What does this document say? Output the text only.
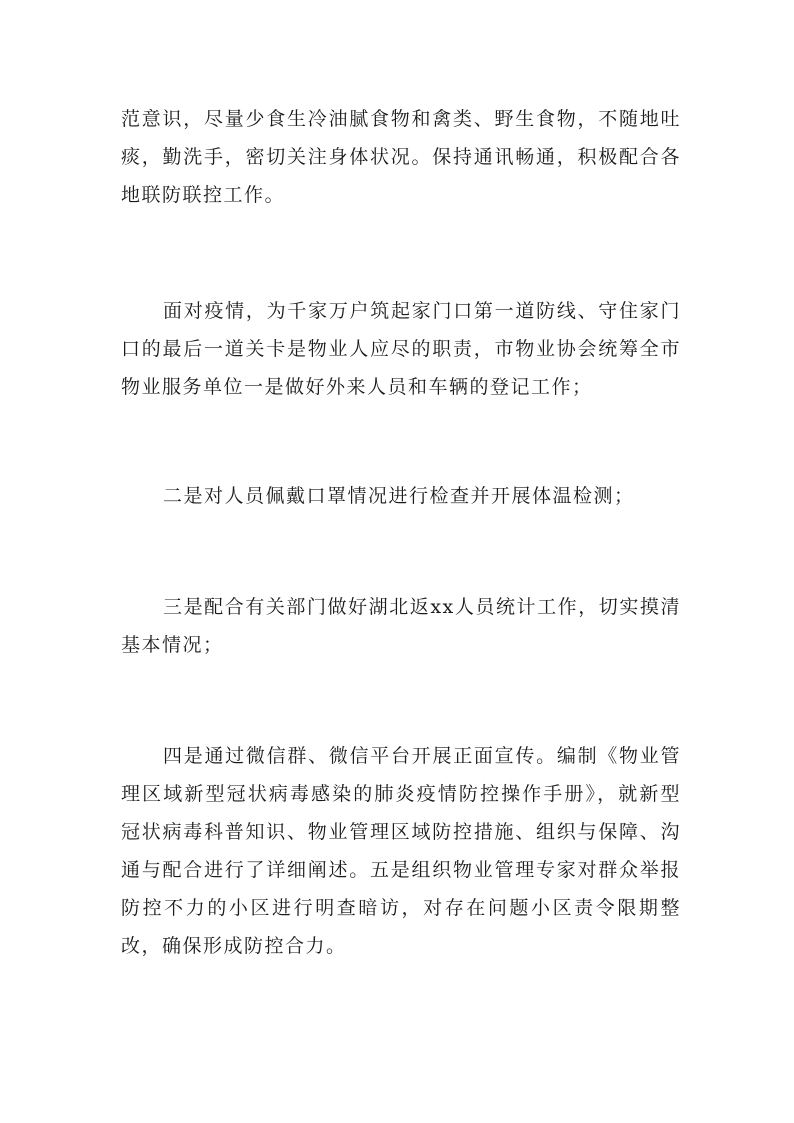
范意识，尽量少食生冷油腻食物和禽类、野生食物，不随地吐痰，勤洗手，密切关注身体状况。保持通讯畅通，积极配合各地联防联控工作。

面对疫情，为千家万户筑起家门口第一道防线、守住家门口的最后一道关卡是物业人应尽的职责，市物业协会统筹全市物业服务单位一是做好外来人员和车辆的登记工作；

二是对人员佩戴口罩情况进行检查并开展体温检测；

三是配合有关部门做好湖北返xx人员统计工作，切实摸清基本情况；

四是通过微信群、微信平台开展正面宣传。编制《物业管理区域新型冠状病毒感染的肺炎疫情防控操作手册》，就新型冠状病毒科普知识、物业管理区域防控措施、组织与保障、沟通与配合进行了详细阐述。五是组织物业管理专家对群众举报防控不力的小区进行明查暗访，对存在问题小区责令限期整改，确保形成防控合力。
